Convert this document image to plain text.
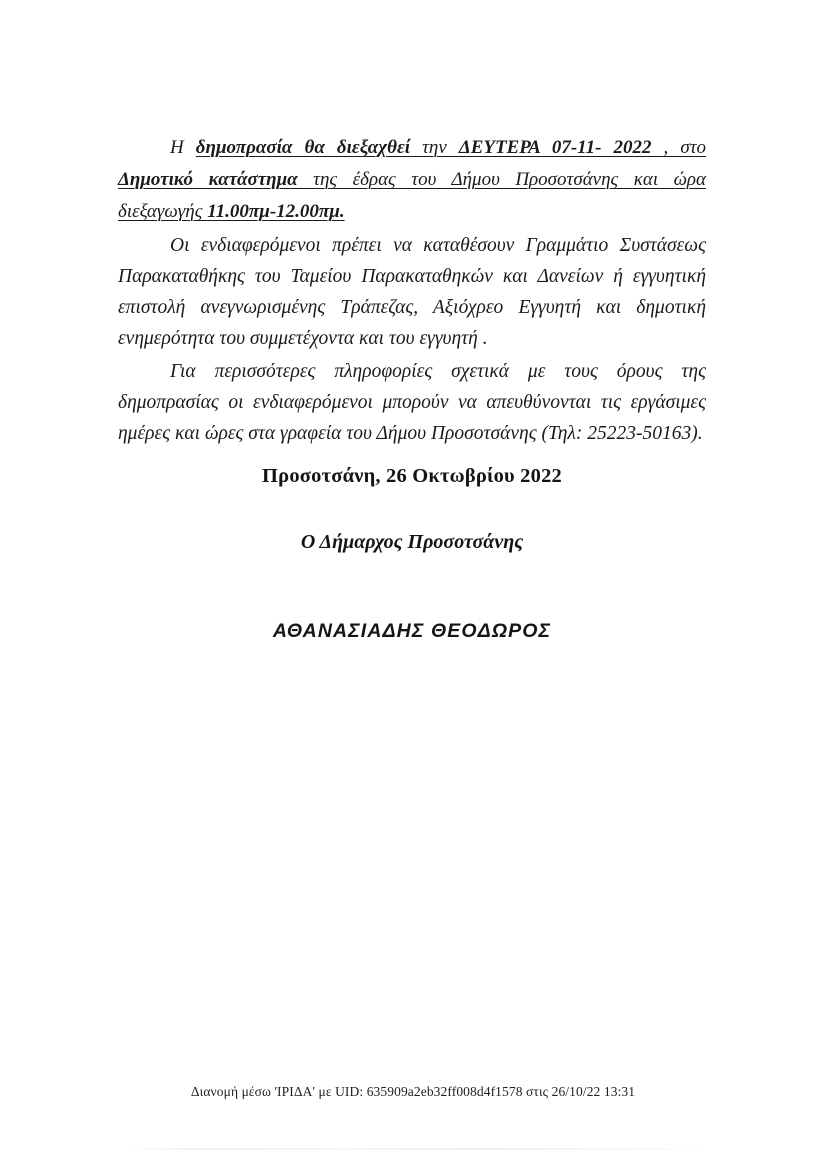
Η δημοπρασία θα διεξαχθεί την ΔΕΥΤΕΡΑ 07-11- 2022 , στο Δημοτικό κατάστημα της έδρας του Δήμου Προσοτσάνης και ώρα διεξαγωγής 11.00πμ-12.00πμ.

Οι ενδιαφερόμενοι πρέπει να καταθέσουν Γραμμάτιο Συστάσεως Παρακαταθήκης του Ταμείου Παρακαταθηκών και Δανείων ή εγγυητική επιστολή ανεγνωρισμένης Τράπεζας, Αξιόχρεο Εγγυητή και δημοτική ενημερότητα του συμμετέχοντα και του εγγυητή .

Για περισσότερες πληροφορίες σχετικά με τους όρους της δημοπρασίας οι ενδιαφερόμενοι μπορούν να απευθύνονται τις εργάσιμες ημέρες και ώρες στα γραφεία του Δήμου Προσοτσάνης (Τηλ: 25223-50163).

Προσοτσάνη, 26 Οκτωβρίου 2022

Ο Δήμαρχος Προσοτσάνης

ΑΘΑΝΑΣΙΑΔΗΣ ΘΕΟΔΩΡΟΣ

Διανομή μέσω 'ΙΡΙΔΑ' με UID: 635909a2eb32ff008d4f1578 στις 26/10/22 13:31
